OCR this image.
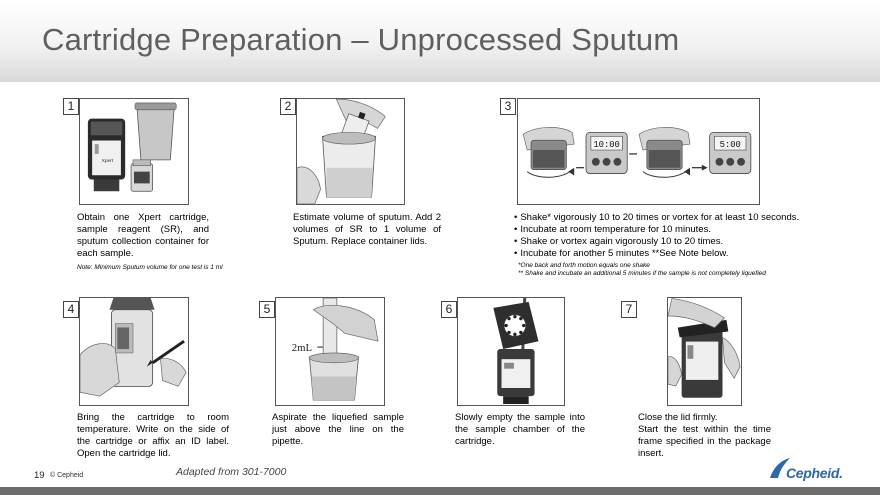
Cartridge Preparation – Unprocessed Sputum
1
Xpert
Obtain one Xpert cartridge, sample reagent (SR), and sputum collection container for each sample.
Note: Minimum Sputum volume for one test is 1 ml
2
Estimate volume of sputum. Add 2 volumes of SR to 1 volume of Sputum. Replace container lids.
3
10:00	5:00
• Shake* vigorously 10 to 20 times or vortex for at least 10 seconds.
• Incubate at room temperature for 10 minutes.
• Shake or vortex again vigorously 10 to 20 times.
• Incubate for another 5 minutes **See Note below.
*One back and forth motion equals one shake
** Shake and incubate an additional 5 minutes if the sample is not completely liquefied
4
Bring the cartridge to room temperature. Write on the side of the cartridge or affix an ID label. Open the cartridge lid.
5
2mL
Aspirate the liquefied sample just above the line on the pipette.
6
Slowly empty the sample into the sample chamber of the cartridge.
7
Close the lid firmly.
Start the test within the time frame specified in the package insert.
19 © Cepheid	Adapted from 301-7000	Cepheid.
